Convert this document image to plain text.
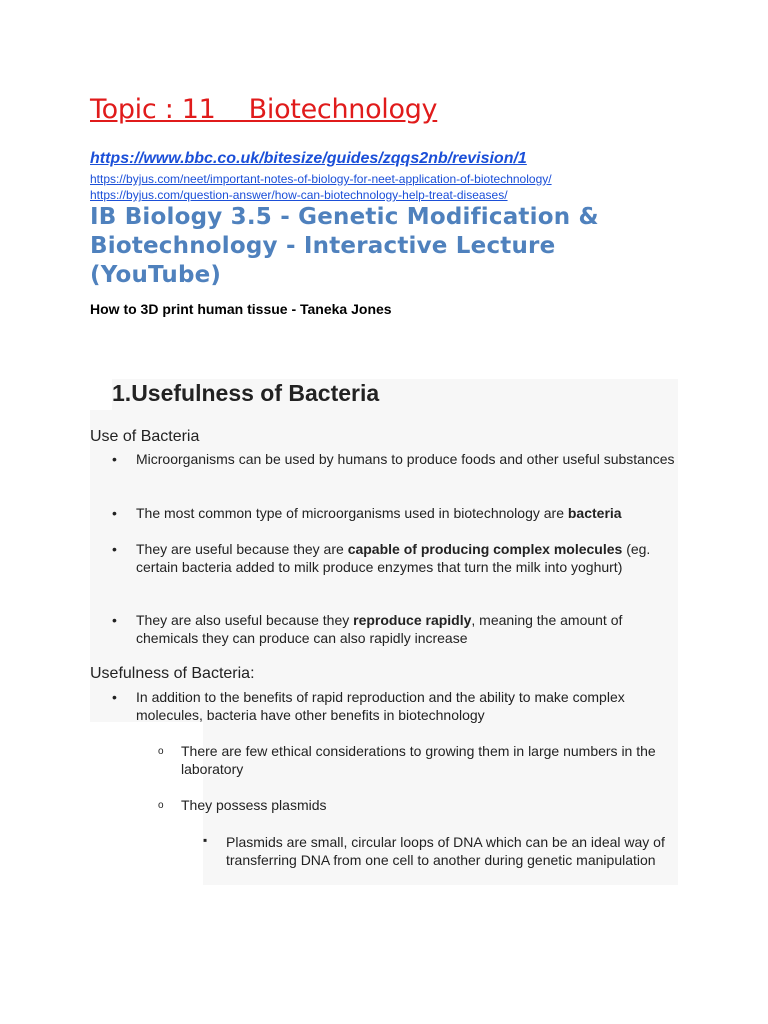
Topic : 11    Biotechnology
https://www.bbc.co.uk/bitesize/guides/zqqs2nb/revision/1
https://byjus.com/neet/important-notes-of-biology-for-neet-application-of-biotechnology/
https://byjus.com/question-answer/how-can-biotechnology-help-treat-diseases/
IB Biology 3.5 - Genetic Modification & Biotechnology - Interactive Lecture (YouTube)
How to 3D print human tissue - Taneka Jones
1.Usefulness of Bacteria
Use of Bacteria
• Microorganisms can be used by humans to produce foods and other useful substances
• The most common type of microorganisms used in biotechnology are bacteria
• They are useful because they are capable of producing complex molecules (eg. certain bacteria added to milk produce enzymes that turn the milk into yoghurt)
• They are also useful because they reproduce rapidly, meaning the amount of chemicals they can produce can also rapidly increase
Usefulness of Bacteria:
• In addition to the benefits of rapid reproduction and the ability to make complex molecules, bacteria have other benefits in biotechnology
o There are few ethical considerations to growing them in large numbers in the laboratory
o They possess plasmids
▪ Plasmids are small, circular loops of DNA which can be an ideal way of transferring DNA from one cell to another during genetic manipulation
